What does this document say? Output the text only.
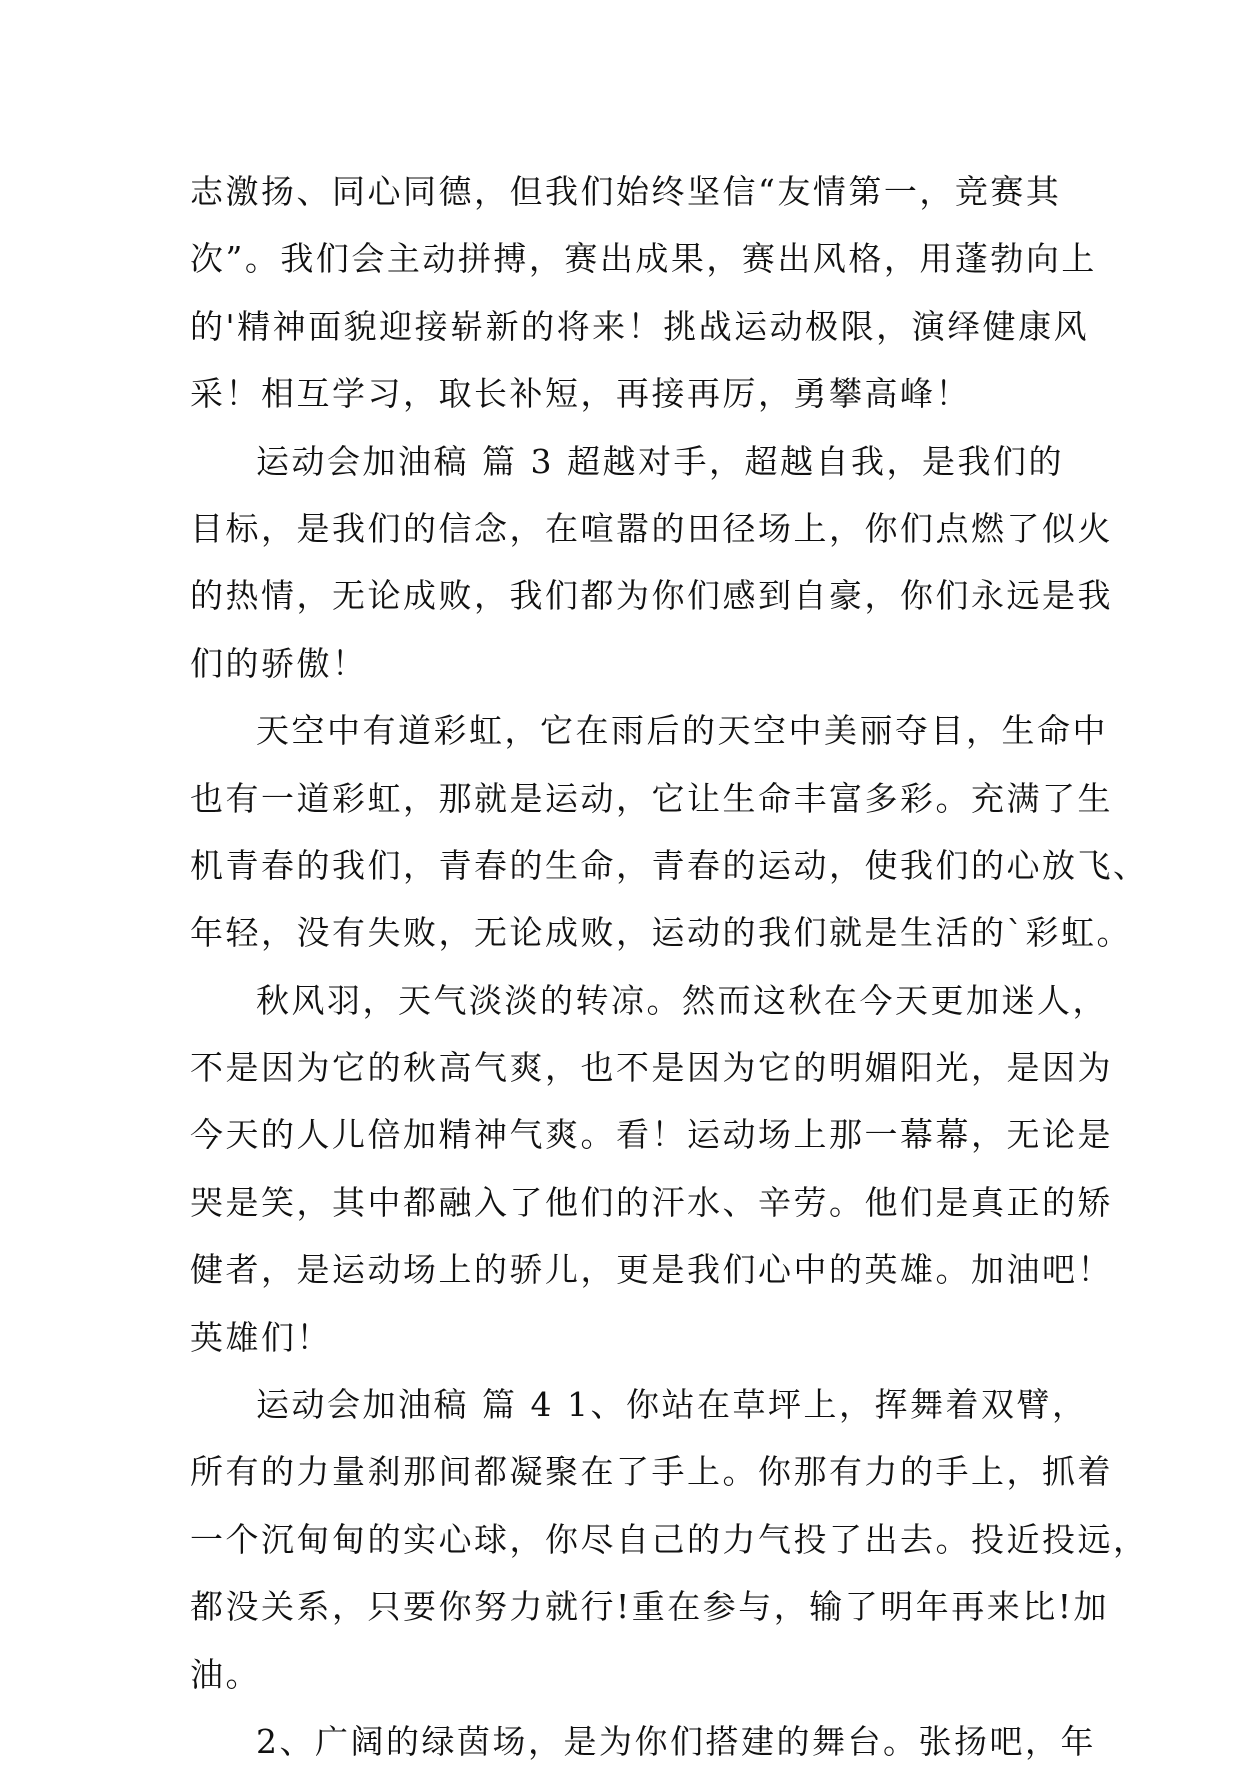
志激扬、同心同德，但我们始终坚信“友情第一，竞赛其
次”。我们会主动拼搏，赛出成果，赛出风格，用蓬勃向上
的'精神面貌迎接崭新的将来！挑战运动极限，演绎健康风
采！相互学习，取长补短，再接再厉，勇攀高峰！
运动会加油稿 篇 3 超越对手，超越自我，是我们的
目标，是我们的信念，在喧嚣的田径场上，你们点燃了似火
的热情，无论成败，我们都为你们感到自豪，你们永远是我
们的骄傲！
天空中有道彩虹，它在雨后的天空中美丽夺目，生命中
也有一道彩虹，那就是运动，它让生命丰富多彩。充满了生
机青春的我们，青春的生命，青春的运动，使我们的心放飞、
年轻，没有失败，无论成败，运动的我们就是生活的`彩虹。
秋风羽，天气淡淡的转凉。然而这秋在今天更加迷人，
不是因为它的秋高气爽，也不是因为它的明媚阳光，是因为
今天的人儿倍加精神气爽。看！运动场上那一幕幕，无论是
哭是笑，其中都融入了他们的汗水、辛劳。他们是真正的矫
健者，是运动场上的骄儿，更是我们心中的英雄。加油吧！
英雄们！
运动会加油稿 篇 4 1、你站在草坪上，挥舞着双臂，
所有的力量刹那间都凝聚在了手上。你那有力的手上，抓着
一个沉甸甸的实心球，你尽自己的力气投了出去。投近投远，
都没关系，只要你努力就行!重在参与，输了明年再来比!加
油。
2、广阔的绿茵场，是为你们搭建的舞台。张扬吧，年
